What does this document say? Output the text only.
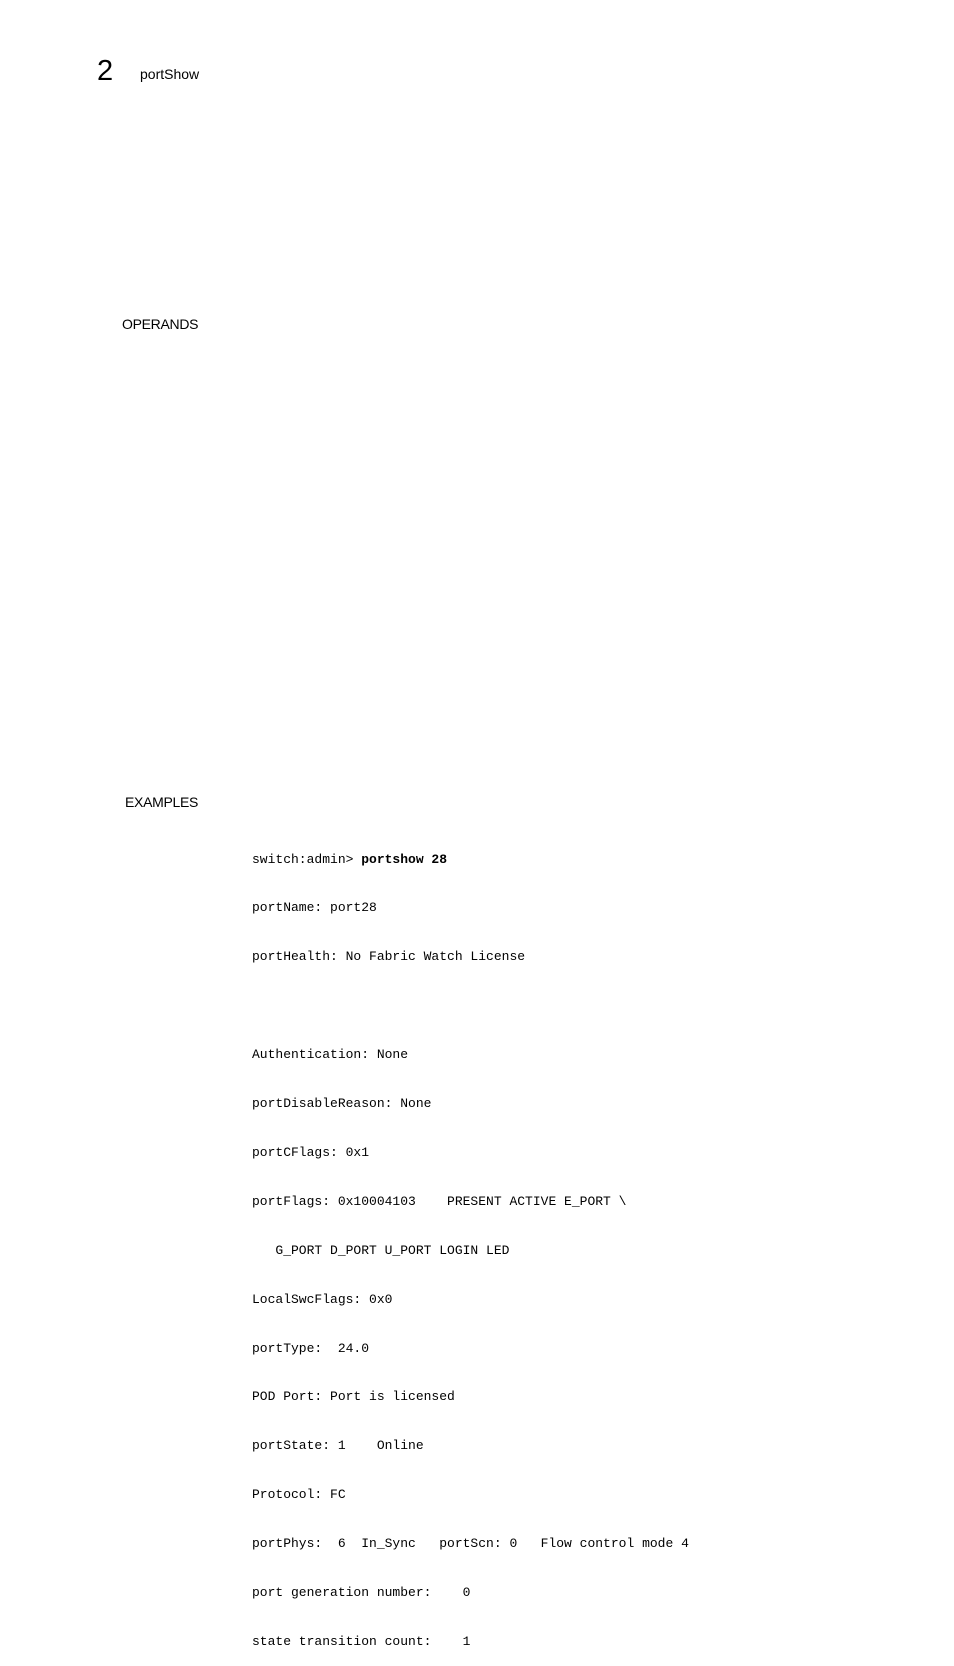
2 portShow
OPERANDS
EXAMPLES

switch:admin> portshow 28

portName: port28

portHealth: No Fabric Watch License

Authentication: None

portDisableReason: None

portCFlags: 0x1

portFlags: 0x10004103    PRESENT ACTIVE E_PORT \

G_PORT D_PORT U_PORT LOGIN LED

LocalSwcFlags: 0x0

portType:  24.0

POD Port: Port is licensed

portState: 1    Online

Protocol: FC

portPhys:  6  In_Sync   portScn: 0   Flow control mode 4

port generation number:    0

state transition count:    1
